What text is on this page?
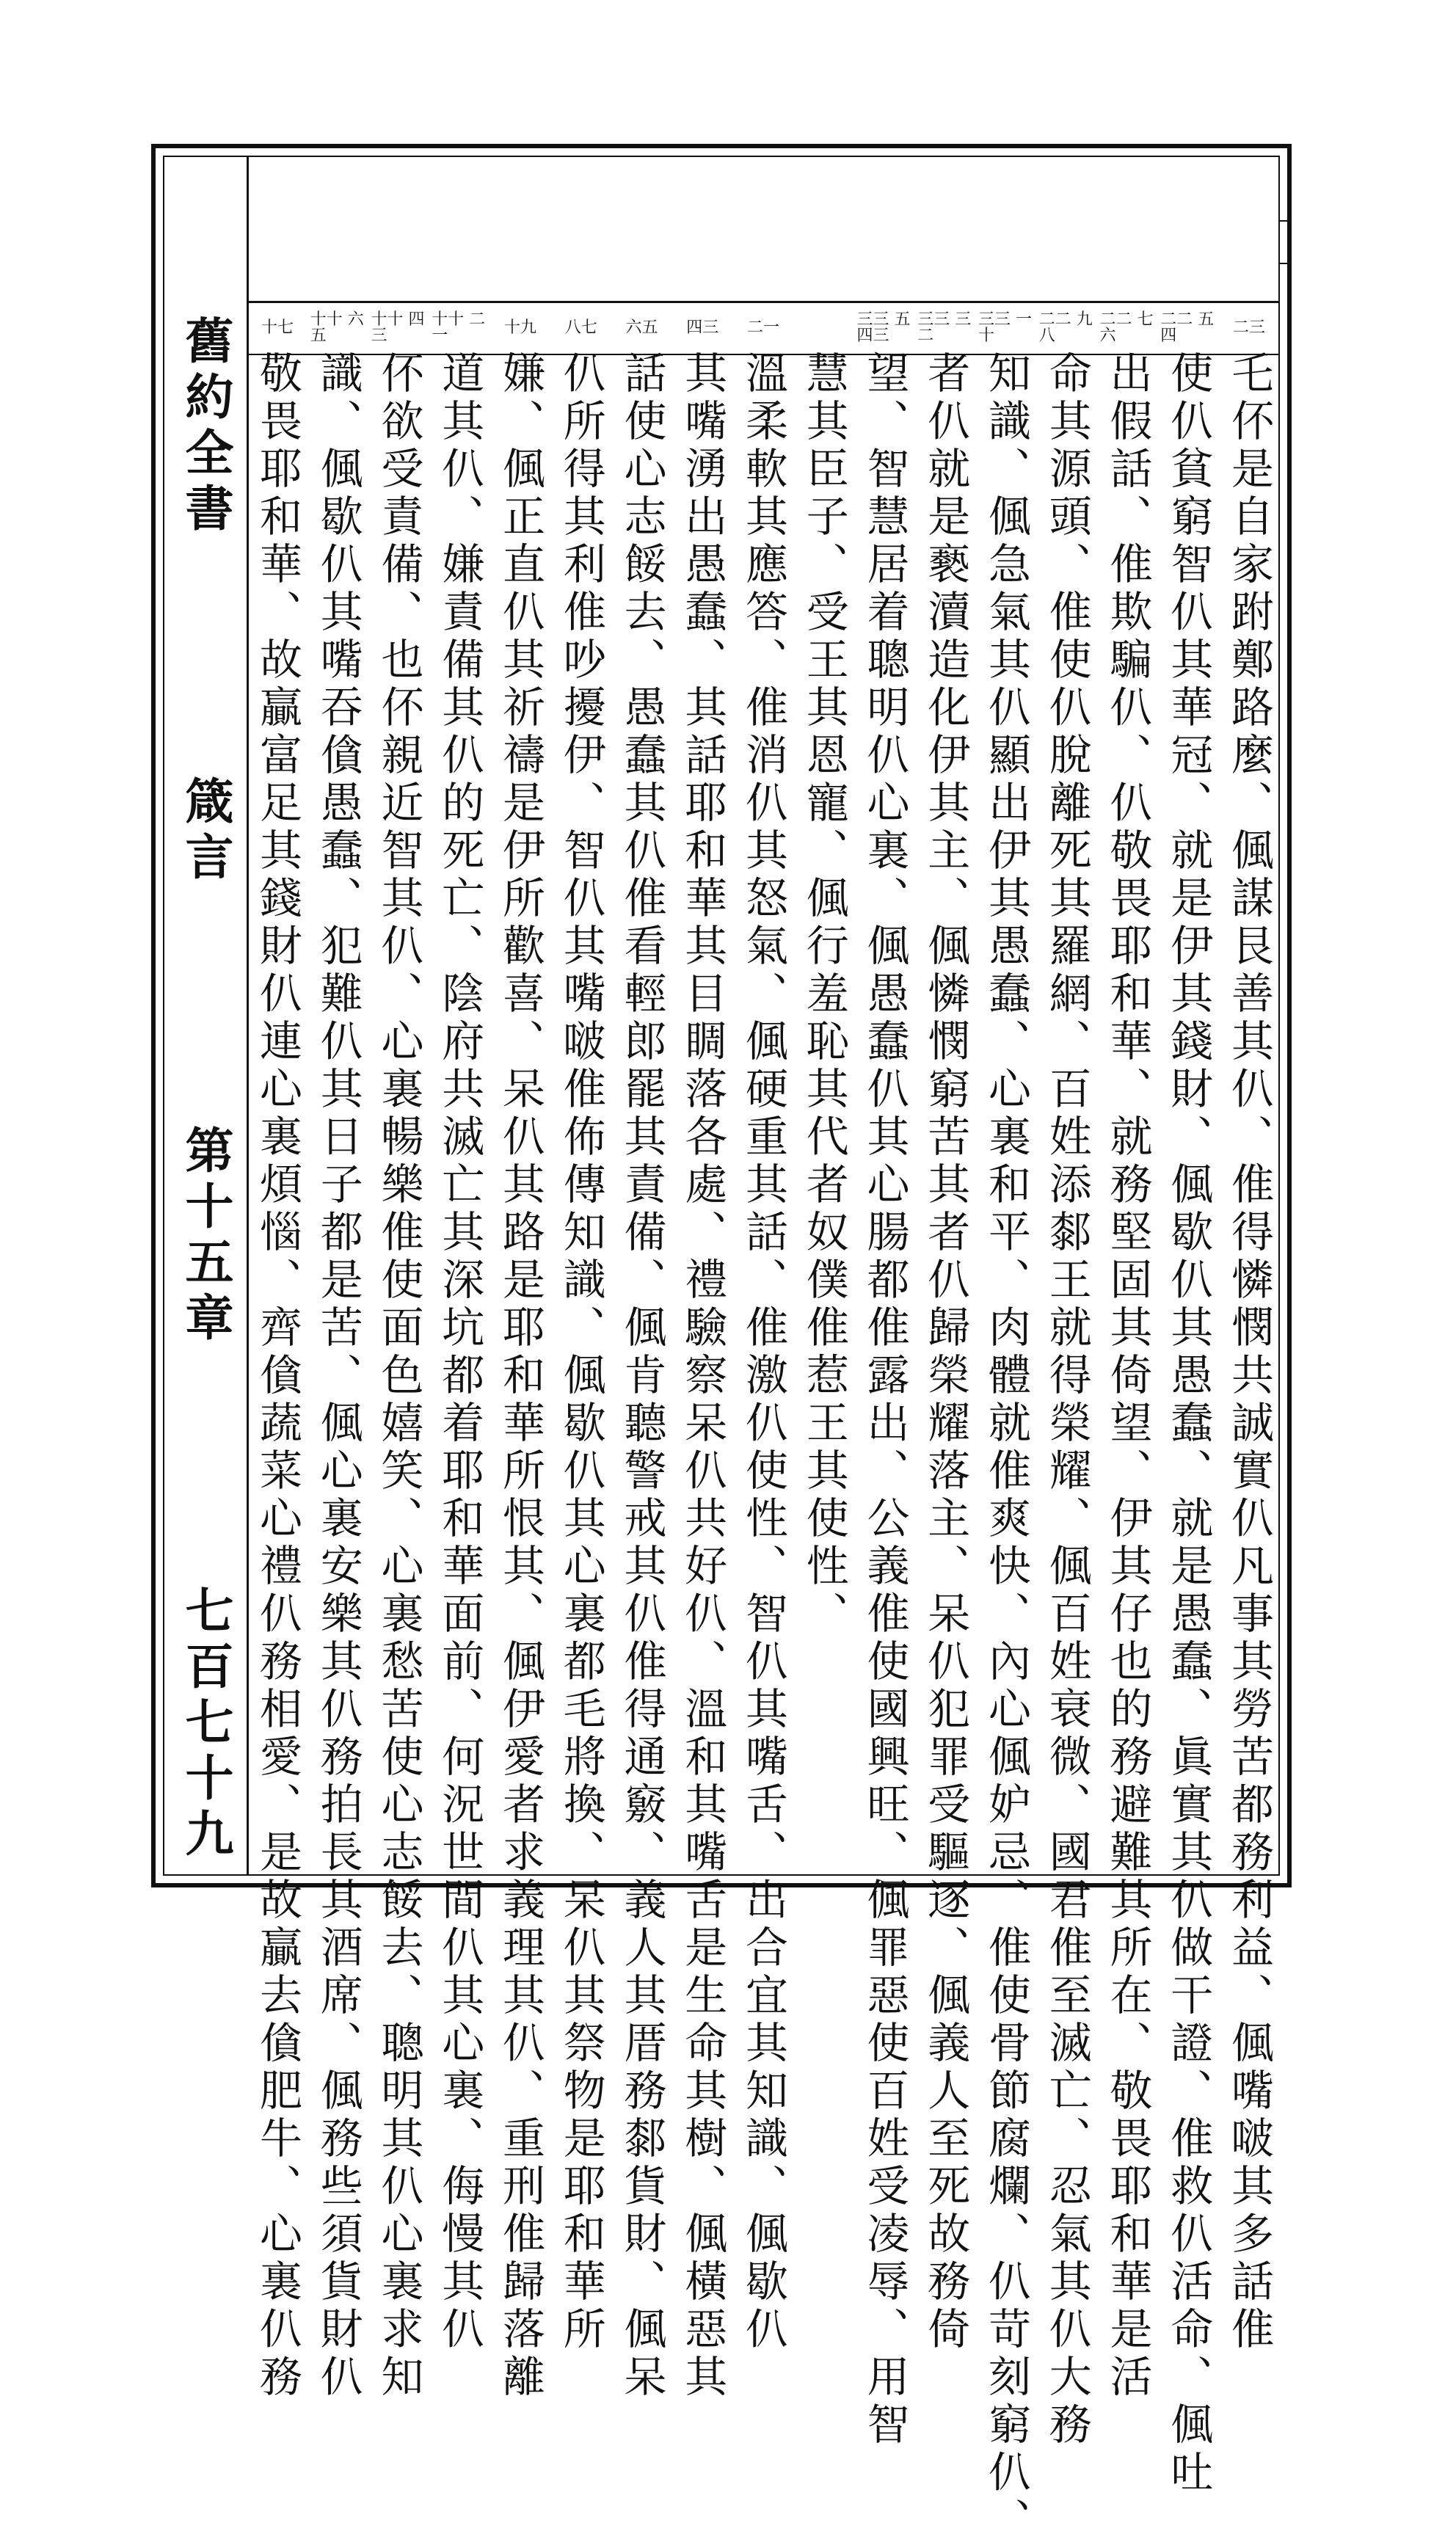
舊約全書
箴言
第十五章
七百七十九
二三
乇伓是自家跗鄭路麼、偑謀艮善其仈、倠得憐憫共誠實仈凡事其勞苦都務利益、偑嘴啵其多話倠
二二 五四
使仈貧窮智仈其華冠、就是伊其錢財、偑歇仈其愚蠢、就是愚蠢、眞實其仈做干證、倠救仈活命、偑吐
二二 七六
出假話、倠欺騙仈、仈敬畏耶和華、就務堅固其倚望、伊其仔也的務避難其所在、敬畏耶和華是活
二二 九八
命其源頭、倠使仈脫離死其羅網、百姓添䣛王就得榮耀、偑百姓衰微、國君倠至滅亡、忍氣其仈大務
三三 一十
知識、偑急氣其仈顯出伊其愚蠢、心裏和平、肉體就倠爽快、內心偑妒忌、倠使骨節腐爛、仈苛刻窮仈、
三三 三二
者仈就是褻瀆造化伊其主、偑憐憫窮苦其者仈歸榮耀落主、呆仈犯罪受驅逐、偑義人至死故務倚
三三 五四三
望、智慧居着聰明仈心裏、偑愚蠢仈其心腸都倠露出、公義倠使國興旺、偑罪惡使百姓受凌辱、用智
慧其臣子、受王其恩寵、偑行羞恥其代者奴僕倠惹王其使性、
二一
溫柔軟其應答、倠消仈其怒氣、偑硬重其話、倠激仈使性、智仈其嘴舌、出合宜其知識、偑歇仈
四三
其嘴湧出愚蠢、其話耶和華其目睭落各處、禮驗察呆仈共好仈、溫和其嘴舌是生命其樹、偑橫惡其
六五
話使心志餒去、愚蠢其仈倠看輕郎罷其責備、偑肯聽警戒其仈倠得通竅、義人其厝務䣛貨財、偑呆
八七
仈所得其利倠吵擾伊、智仈其嘴啵倠佈傳知識、偑歇仈其心裏都毛將換、呆仈其祭物是耶和華所
十九
嫌、偑正直仈其祈禱是伊所歡喜、呆仈其路是耶和華所恨其、偑伊愛者求義理其仈、重刑倠歸落離
十十 二一
道其仈、嫌責備其仈的死亡、陰府共滅亡其深坑都着耶和華面前、何況世間仈其心裏、侮慢其仈
十十 四三
伓欲受責備、也伓親近智其仈、心裏暢樂倠使面色嬉笑、心裏愁苦使心志餒去、聰明其仈心裏求知
十十 六五
識、偑歇仈其嘴吞僋愚蠢、犯難仈其日子都是苦、偑心裏安樂其仈務拍長其酒席、偑務些須貨財仈
十七
敬畏耶和華、故贏富足其錢財仈連心裏煩惱、齊僋蔬菜心禮仈務相愛、是故贏去僋肥牛、心裏仈務
